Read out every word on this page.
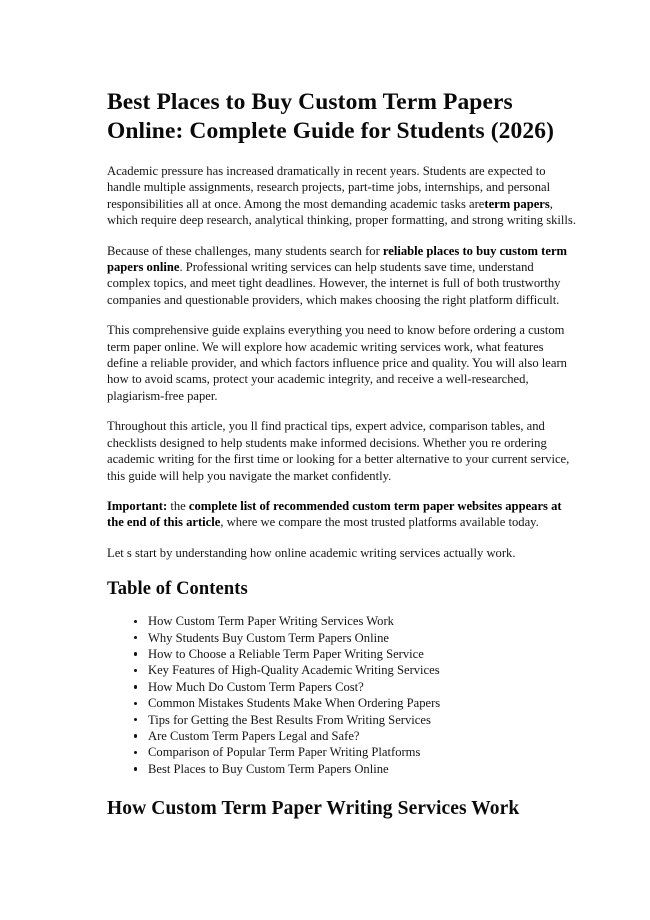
Best Places to Buy Custom Term Papers Online: Complete Guide for Students (2026)

Academic pressure has increased dramatically in recent years. Students are expected to handle multiple assignments, research projects, part-time jobs, internships, and personal responsibilities all at once. Among the most demanding academic tasks areterm papers, which require deep research, analytical thinking, proper formatting, and strong writing skills.

Because of these challenges, many students search for reliable places to buy custom term papers online. Professional writing services can help students save time, understand complex topics, and meet tight deadlines. However, the internet is full of both trustworthy companies and questionable providers, which makes choosing the right platform difficult.

This comprehensive guide explains everything you need to know before ordering a custom term paper online. We will explore how academic writing services work, what features define a reliable provider, and which factors influence price and quality. You will also learn how to avoid scams, protect your academic integrity, and receive a well-researched, plagiarism-free paper.

Throughout this article, you ll find practical tips, expert advice, comparison tables, and checklists designed to help students make informed decisions. Whether you re ordering academic writing for the first time or looking for a better alternative to your current service, this guide will help you navigate the market confidently.

Important: the complete list of recommended custom term paper websites appears at the end of this article, where we compare the most trusted platforms available today.

Let s start by understanding how online academic writing services actually work.

Table of Contents
How Custom Term Paper Writing Services Work
Why Students Buy Custom Term Papers Online
How to Choose a Reliable Term Paper Writing Service
Key Features of High-Quality Academic Writing Services
How Much Do Custom Term Papers Cost?
Common Mistakes Students Make When Ordering Papers
Tips for Getting the Best Results From Writing Services
Are Custom Term Papers Legal and Safe?
Comparison of Popular Term Paper Writing Platforms
Best Places to Buy Custom Term Papers Online
How Custom Term Paper Writing Services Work
